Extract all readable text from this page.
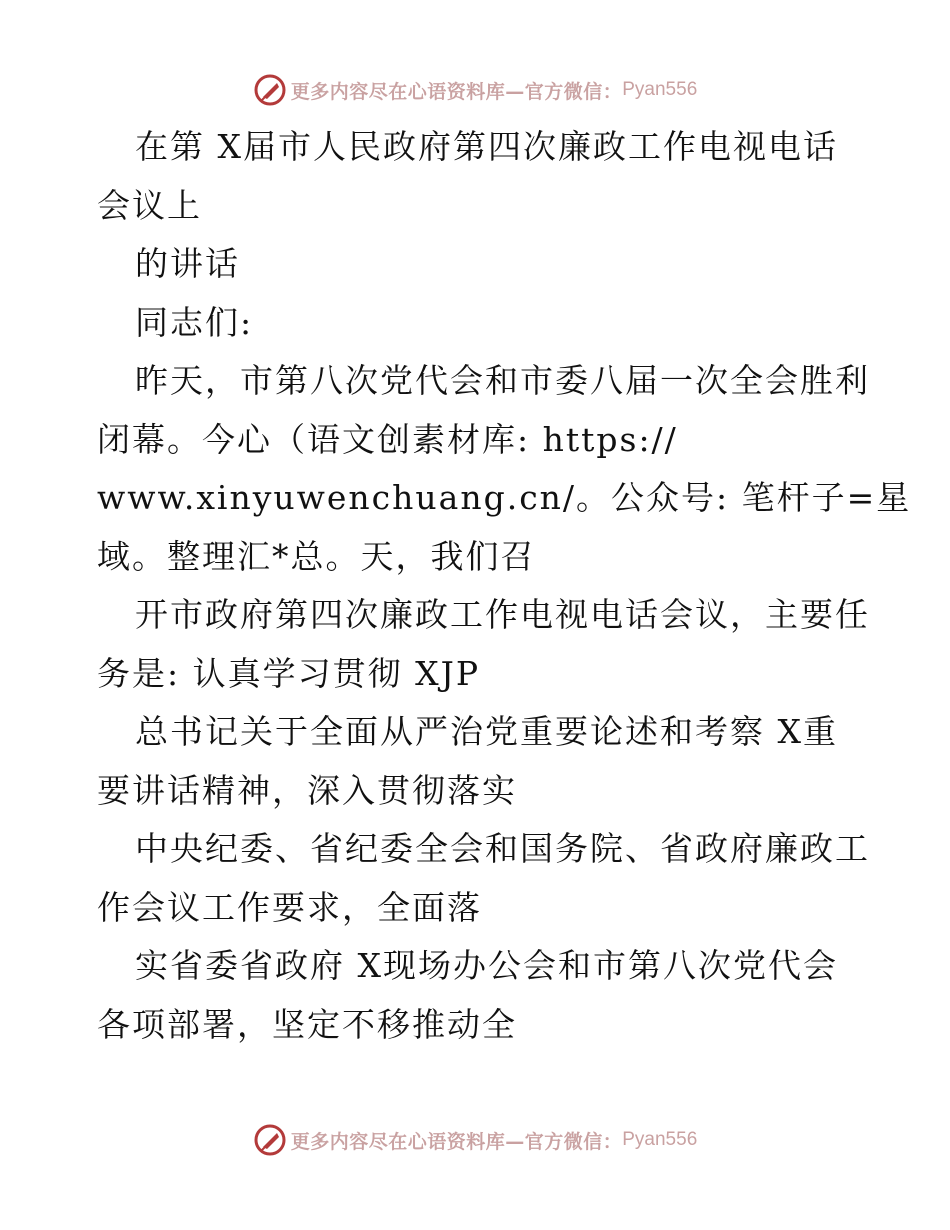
更多内容尽在心语资料库—官方微信： Pyan556
在第 X届市人民政府第四次廉政工作电视电话
会议上
的讲话
同志们:
昨天，市第八次党代会和市委八届一次全会胜利
闭幕。今心（语文创素材库: https://
www.xinyuwenchuang.cn/。公众号: 笔杆子=星
域。整理汇*总。天，我们召
开市政府第四次廉政工作电视电话会议，主要任
务是: 认真学习贯彻 XJP
总书记关于全面从严治党重要论述和考察 X重
要讲话精神，深入贯彻落实
中央纪委、省纪委全会和国务院、省政府廉政工
作会议工作要求，全面落
实省委省政府 X现场办公会和市第八次党代会
各项部署，坚定不移推动全
更多内容尽在心语资料库—官方微信： Pyan556
